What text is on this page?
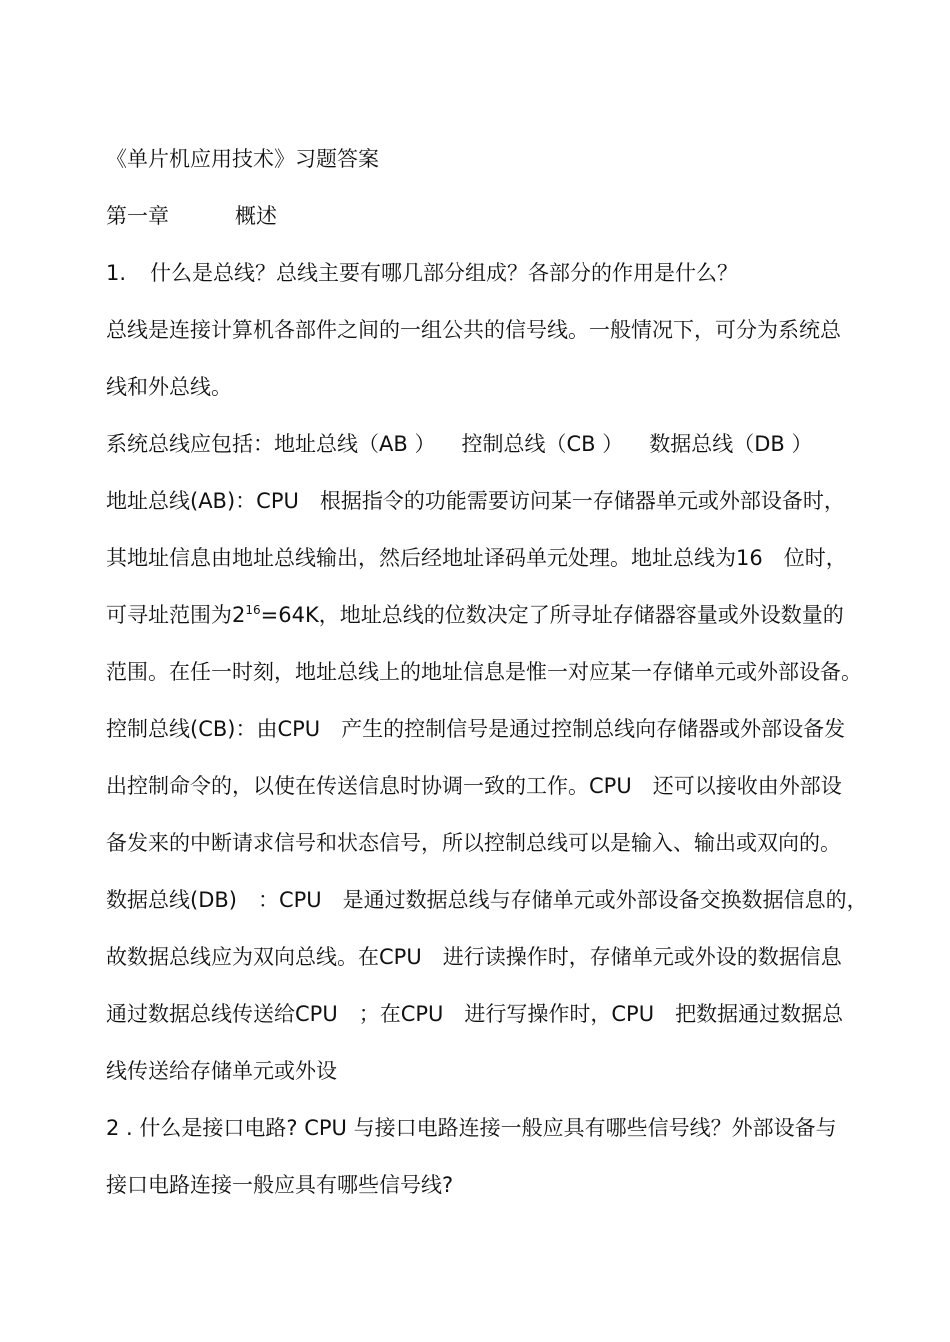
《单片机应用技术》习题答案
第一章	概述
1. 什么是总线？总线主要有哪几部分组成？各部分的作用是什么？
总线是连接计算机各部件之间的一组公共的信号线。一般情况下，可分为系统总
线和外总线。
系统总线应包括：地址总线（AB ） 控制总线（CB ） 数据总线（DB ）
地址总线(AB)：CPU　根据指令的功能需要访问某一存储器单元或外部设备时，
其地址信息由地址总线输出，然后经地址译码单元处理。地址总线为16　位时，
可寻址范围为$2^{16}=64K$，地址总线的位数决定了所寻址存储器容量或外设数量的
范围。在任一时刻，地址总线上的地址信息是惟一对应某一存储单元或外部设备。
控制总线(CB)：由CPU　产生的控制信号是通过控制总线向存储器或外部设备发
出控制命令的，以使在传送信息时协调一致的工作。CPU　还可以接收由外部设
备发来的中断请求信号和状态信号，所以控制总线可以是输入、输出或双向的。
数据总线(DB)　：CPU　是通过数据总线与存储单元或外部设备交换数据信息的，
故数据总线应为双向总线。在CPU　进行读操作时，存储单元或外设的数据信息
通过数据总线传送给CPU　；在CPU　进行写操作时，CPU　把数据通过数据总
线传送给存储单元或外设
2 . 什么是接口电路? CPU 与接口电路连接一般应具有哪些信号线？外部设备与
接口电路连接一般应具有哪些信号线?
